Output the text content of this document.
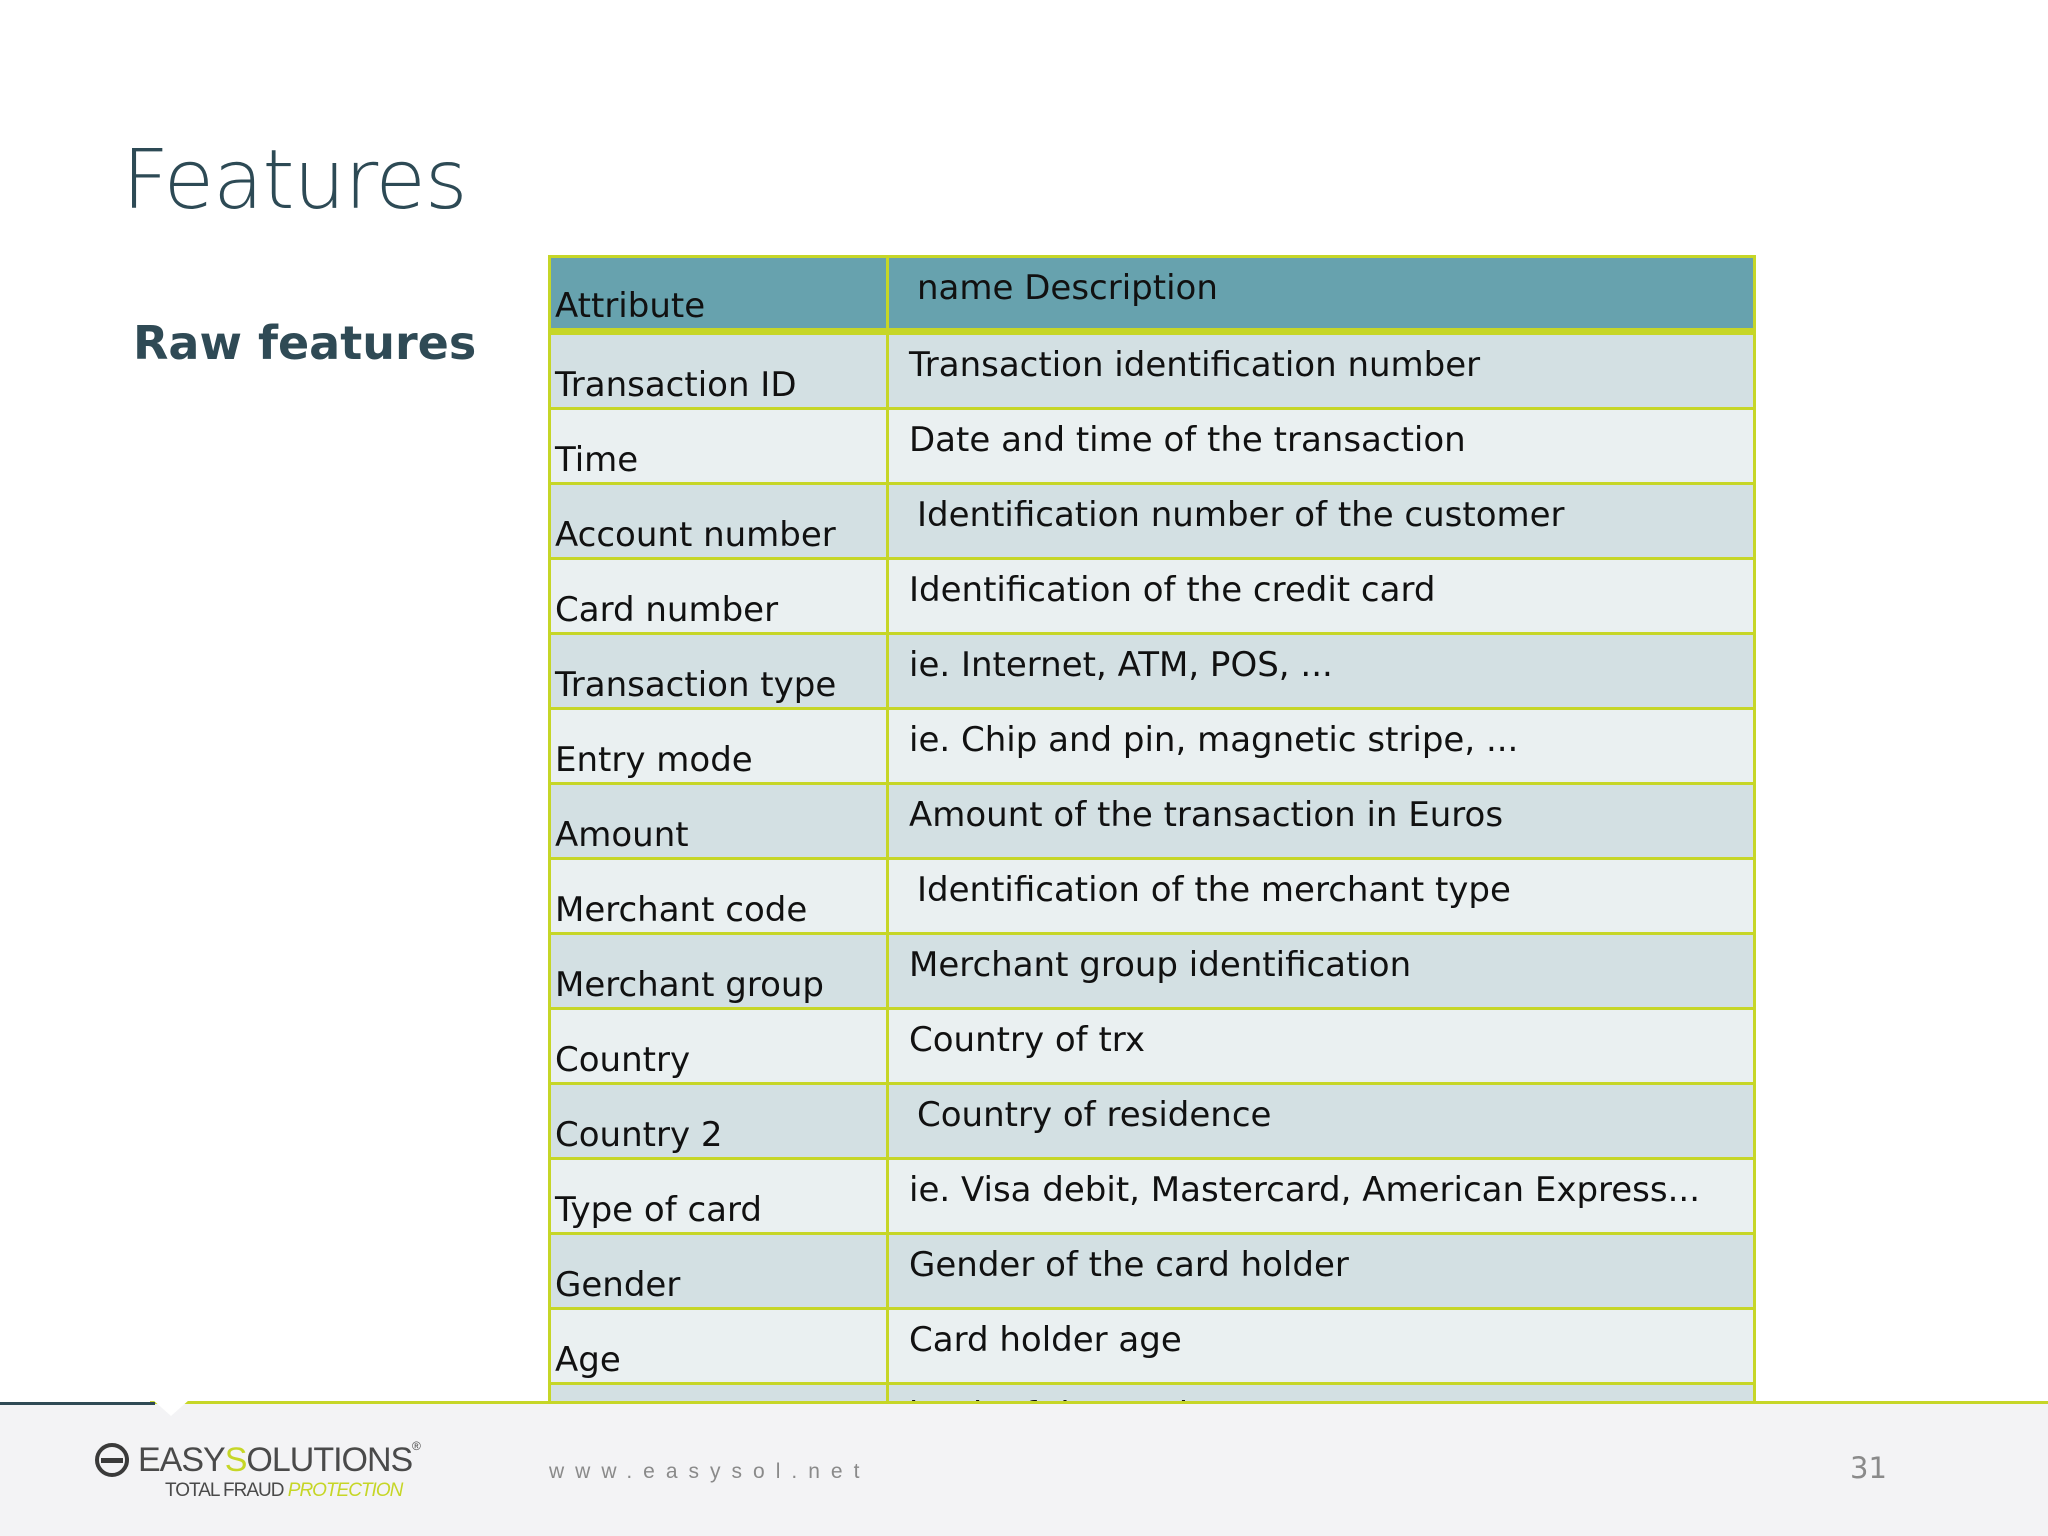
Features
Raw features
Attribute	name Description
Transaction ID	Transaction identification number
Time	Date and time of the transaction
Account number	Identification number of the customer
Card number	Identification of the credit card
Transaction type	ie. Internet, ATM, POS, ...
Entry mode	ie. Chip and pin, magnetic stripe, ...
Amount	Amount of the transaction in Euros
Merchant code	Identification of the merchant type
Merchant group	Merchant group identification
Country	Country of trx
Country 2	Country of residence
Type of card	ie. Visa debit, Mastercard, American Express...
Gender	Gender of the card holder
Age	Card holder age

EASYSOLUTIONS ®
TOTAL FRAUD PROTECTION
www.easysol.net	31
